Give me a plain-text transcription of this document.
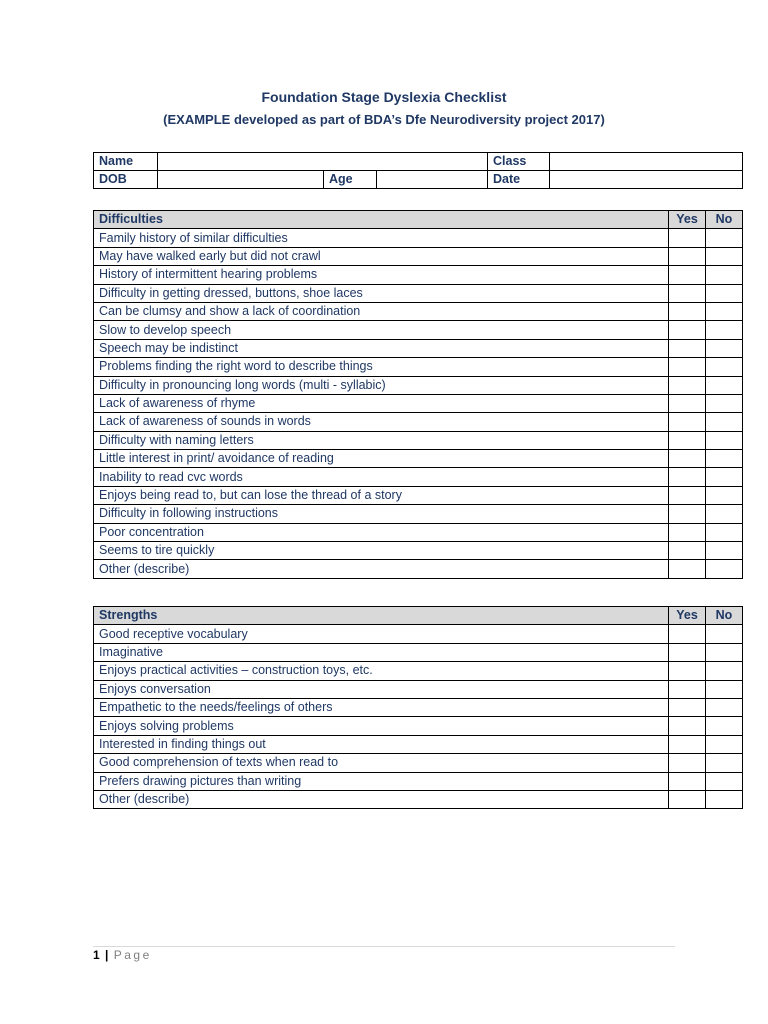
Foundation Stage Dyslexia Checklist
(EXAMPLE developed as part of BDA’s Dfe Neurodiversity project 2017)
Name				Class	
DOB		Age		Date	
Difficulties	Yes	No
Family history of similar difficulties		
May have walked early but did not crawl		
History of intermittent hearing problems		
Difficulty in getting dressed, buttons, shoe laces		
Can be clumsy and show a lack of coordination		
Slow to develop speech		
Speech may be indistinct		
Problems finding the right word to describe things		
Difficulty in pronouncing long words (multi - syllabic)		
Lack of awareness of rhyme		
Lack of awareness of sounds in words		
Difficulty with naming letters		
Little interest in print/ avoidance of reading		
Inability to read cvc words		
Enjoys being read to, but can lose the thread of a story		
Difficulty in following instructions		
Poor concentration		
Seems to tire quickly		
Other (describe)		
Strengths	Yes	No
Good receptive vocabulary		
Imaginative		
Enjoys practical activities – construction toys, etc.		
Enjoys conversation		
Empathetic to the needs/feelings of others		
Enjoys solving problems		
Interested in finding things out		
Good comprehension of texts when read to		
Prefers drawing pictures than writing		
Other (describe)		
1 | Page
